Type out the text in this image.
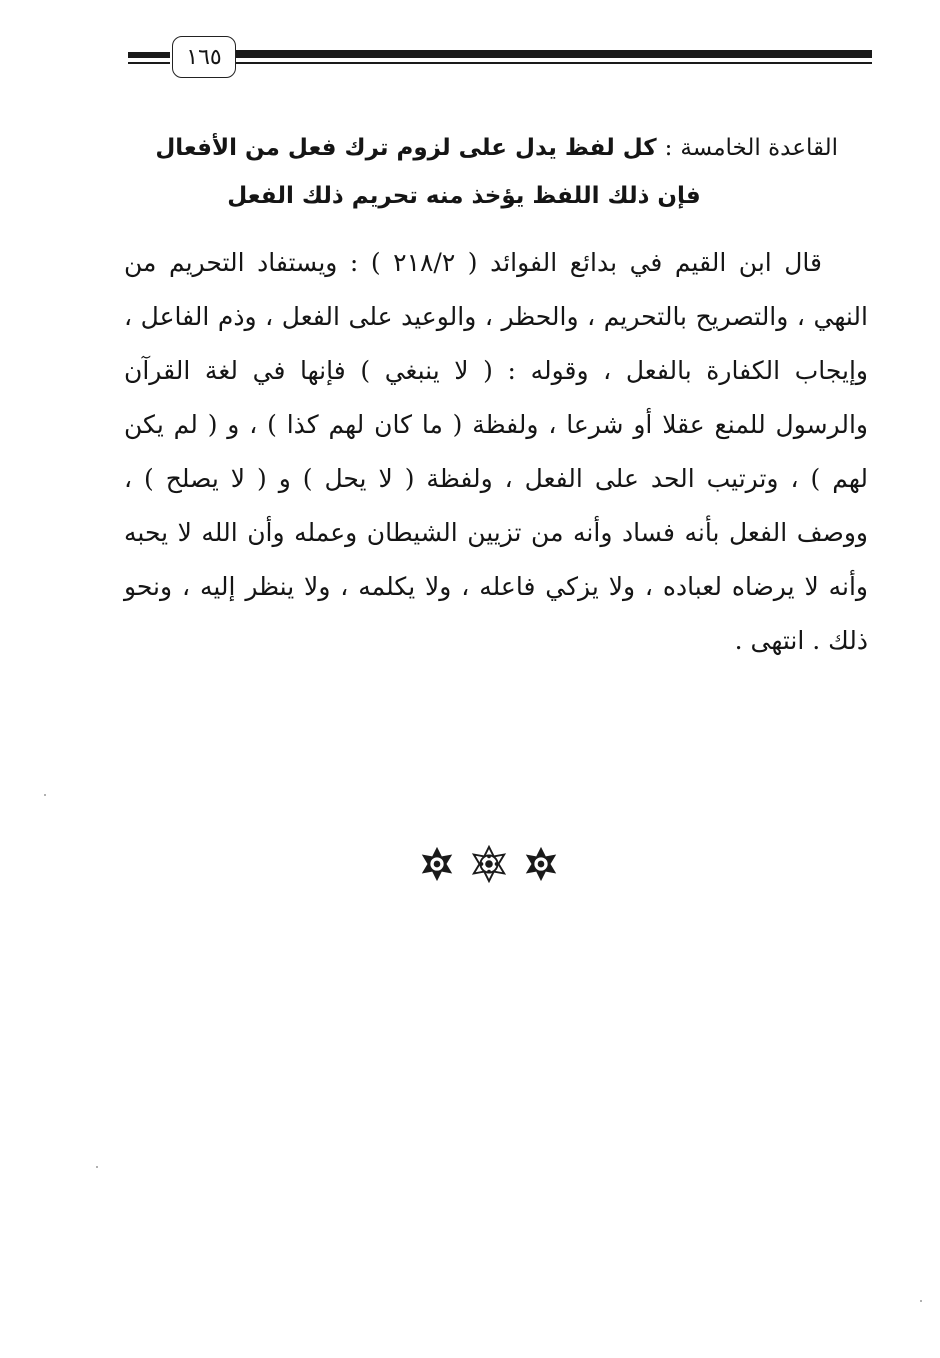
١٦٥
القاعدة الخامسة:كل لفظ يدل على لزوم ترك فعل من الأفعال
فإن ذلك اللفظ يؤخذ منه تحريم ذلك الفعل

قال ابن القيم في بدائع الفوائد ( ٢١٨/٢ ) : ويستفاد التحريم من النهي ، والتصريح بالتحريم ، والحظر ، والوعيد على الفعل ، وذم الفاعل ، وإيجاب الكفارة بالفعل ، وقوله : ( لا ينبغي ) فإنها في لغة القرآن والرسول للمنع عقلا أو شرعا ، ولفظة ( ما كان لهم كذا ) ، و ( لم يكن لهم ) ، وترتيب الحد على الفعل ، ولفظة ( لا يحل ) و ( لا يصلح ) ، ووصف الفعل بأنه فساد وأنه من تزيين الشيطان وعمله وأن الله لا يحبه وأنه لا يرضاه لعباده ، ولا يزكي فاعله ، ولا يكلمه ، ولا ينظر إليه ، ونحو ذلك . انتهى .
